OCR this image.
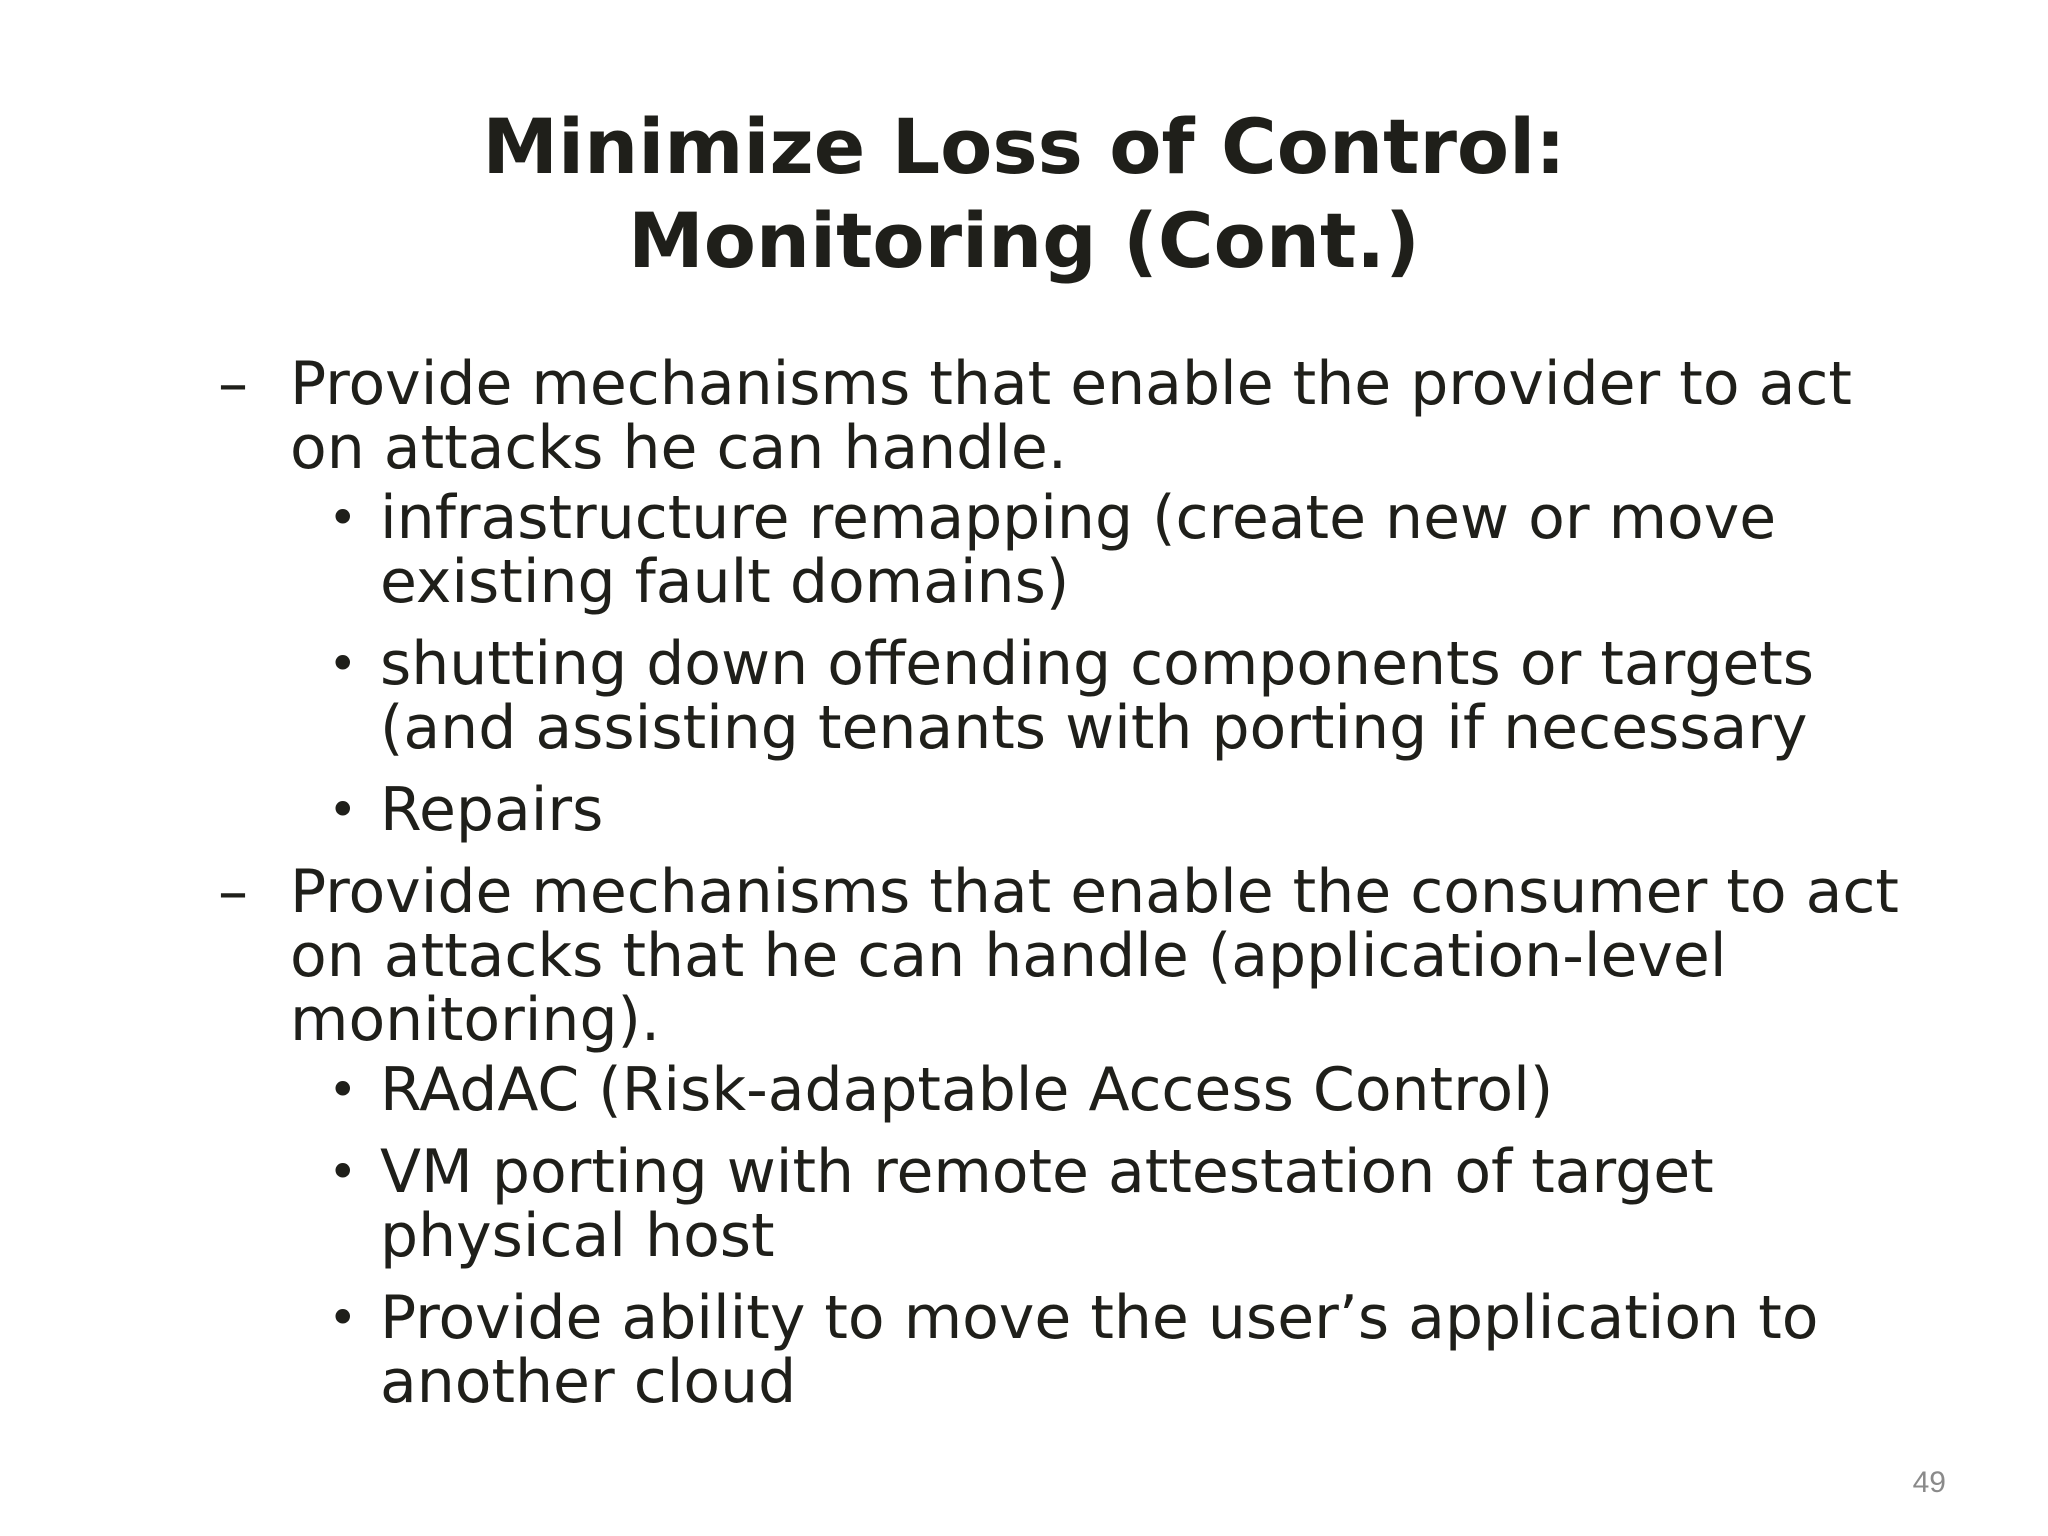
Minimize Loss of Control:
Monitoring (Cont.)
– Provide mechanisms that enable the provider to act
on attacks he can handle.
• infrastructure remapping (create new or move
existing fault domains)
• shutting down offending components or targets
(and assisting tenants with porting if necessary
• Repairs
– Provide mechanisms that enable the consumer to act
on attacks that he can handle (application-level
monitoring).
• RAdAC (Risk-adaptable Access Control)
• VM porting with remote attestation of target
physical host
• Provide ability to move the user’s application to
another cloud
49
